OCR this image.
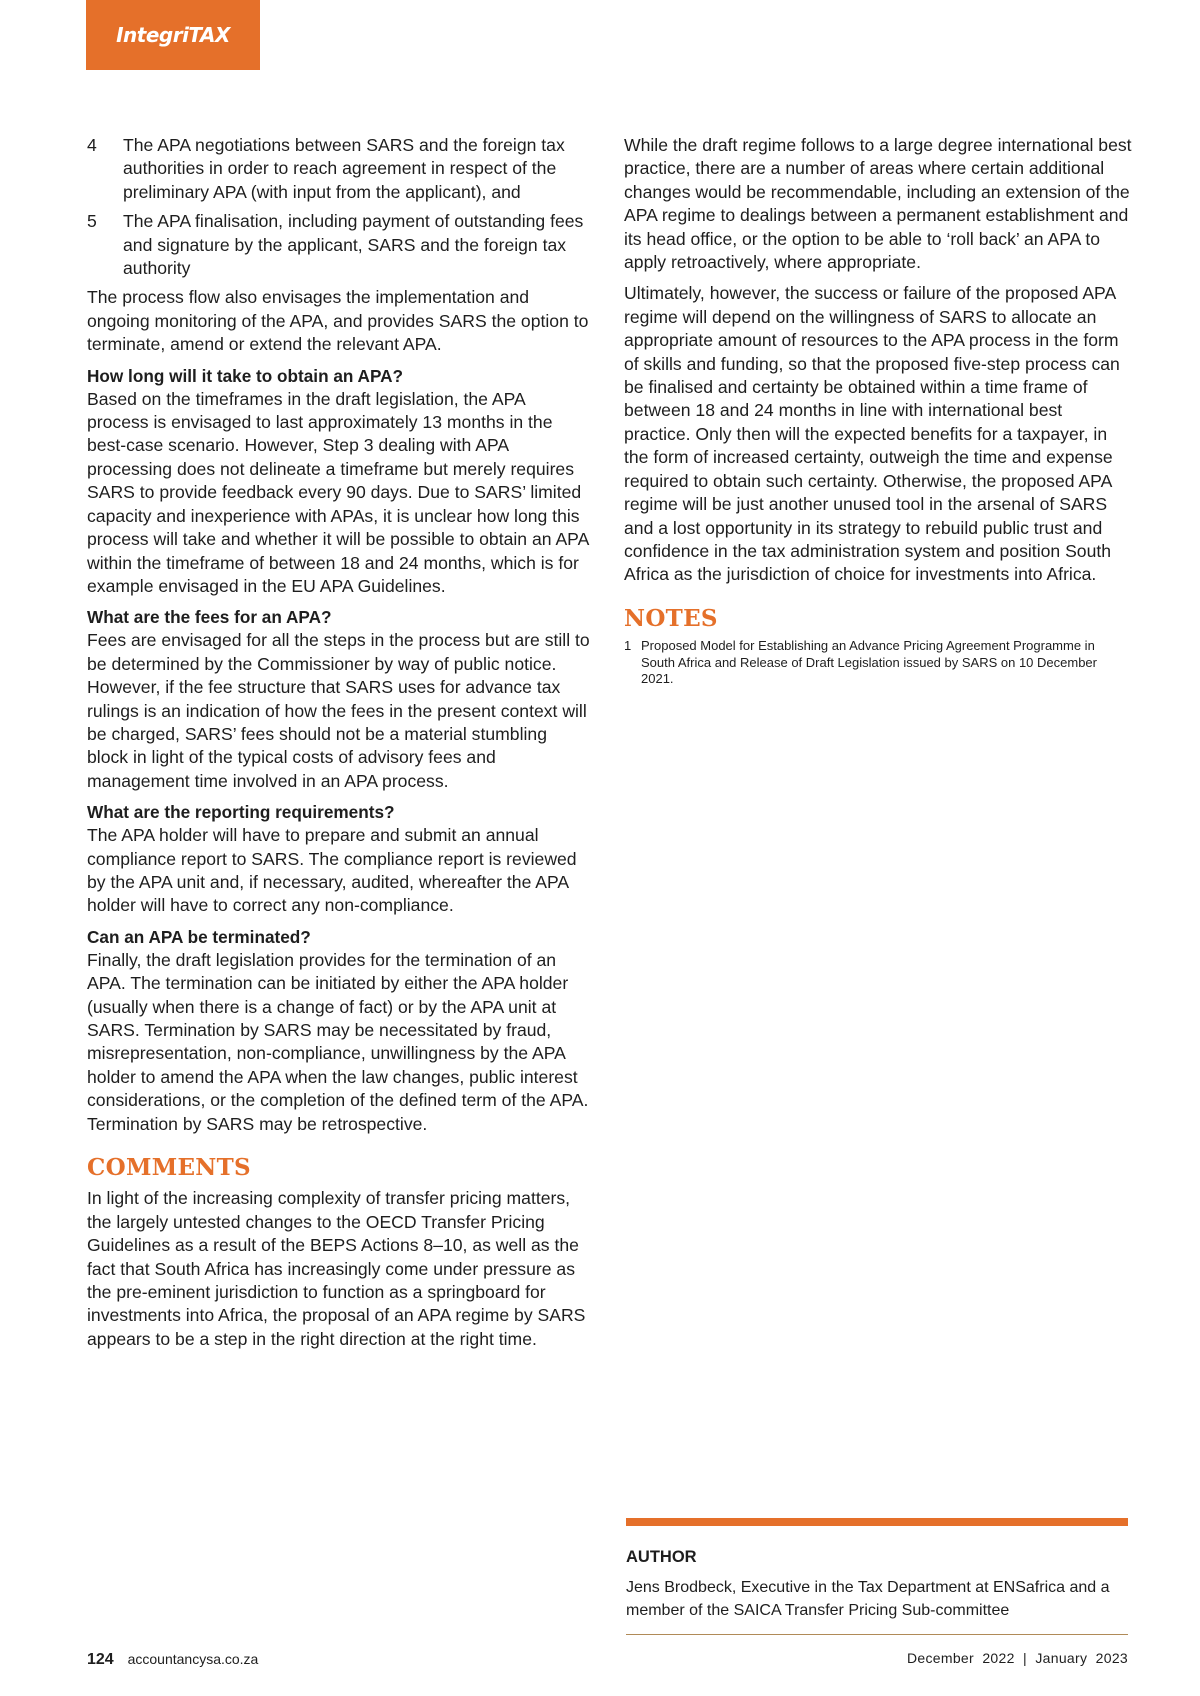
IntegriTAX
4	The APA negotiations between SARS and the foreign tax authorities in order to reach agreement in respect of the preliminary APA (with input from the applicant), and
5	The APA finalisation, including payment of outstanding fees and signature by the applicant, SARS and the foreign tax authority

The process flow also envisages the implementation and ongoing monitoring of the APA, and provides SARS the option to terminate, amend or extend the relevant APA.

How long will it take to obtain an APA?

Based on the timeframes in the draft legislation, the APA process is envisaged to last approximately 13 months in the best-case scenario. However, Step 3 dealing with APA processing does not delineate a timeframe but merely requires SARS to provide feedback every 90 days. Due to SARS’ limited capacity and inexperience with APAs, it is unclear how long this process will take and whether it will be possible to obtain an APA within the timeframe of between 18 and 24 months, which is for example envisaged in the EU APA Guidelines.

What are the fees for an APA?

Fees are envisaged for all the steps in the process but are still to be determined by the Commissioner by way of public notice. However, if the fee structure that SARS uses for advance tax rulings is an indication of how the fees in the present context will be charged, SARS’ fees should not be a material stumbling block in light of the typical costs of advisory fees and management time involved in an APA process.

What are the reporting requirements?

The APA holder will have to prepare and submit an annual compliance report to SARS. The compliance report is reviewed by the APA unit and, if necessary, audited, whereafter the APA holder will have to correct any non-compliance.

Can an APA be terminated?

Finally, the draft legislation provides for the termination of an APA. The termination can be initiated by either the APA holder (usually when there is a change of fact) or by the APA unit at SARS. Termination by SARS may be necessitated by fraud, misrepresentation, non-compliance, unwillingness by the APA holder to amend the APA when the law changes, public interest considerations, or the completion of the defined term of the APA. Termination by SARS may be retrospective.

COMMENTS

In light of the increasing complexity of transfer pricing matters, the largely untested changes to the OECD Transfer Pricing Guidelines as a result of the BEPS Actions 8–10, as well as the fact that South Africa has increasingly come under pressure as the pre-eminent jurisdiction to function as a springboard for investments into Africa, the proposal of an APA regime by SARS appears to be a step in the right direction at the right time.

While the draft regime follows to a large degree international best practice, there are a number of areas where certain additional changes would be recommendable, including an extension of the APA regime to dealings between a permanent establishment and its head office, or the option to be able to ‘roll back’ an APA to apply retroactively, where appropriate.

Ultimately, however, the success or failure of the proposed APA regime will depend on the willingness of SARS to allocate an appropriate amount of resources to the APA process in the form of skills and funding, so that the proposed five-step process can be finalised and certainty be obtained within a time frame of between 18 and 24 months in line with international best practice. Only then will the expected benefits for a taxpayer, in the form of increased certainty, outweigh the time and expense required to obtain such certainty. Otherwise, the proposed APA regime will be just another unused tool in the arsenal of SARS and a lost opportunity in its strategy to rebuild public trust and confidence in the tax administration system and position South Africa as the jurisdiction of choice for investments into Africa.

NOTES
1 Proposed Model for Establishing an Advance Pricing Agreement Programme in South Africa and Release of Draft Legislation issued by SARS on 10 December 2021.
AUTHOR
Jens Brodbeck, Executive in the Tax Department at ENSafrica and a member of the SAICA Transfer Pricing Sub-committee
124 accountancysa.co.za	December  2022  |  January  2023
